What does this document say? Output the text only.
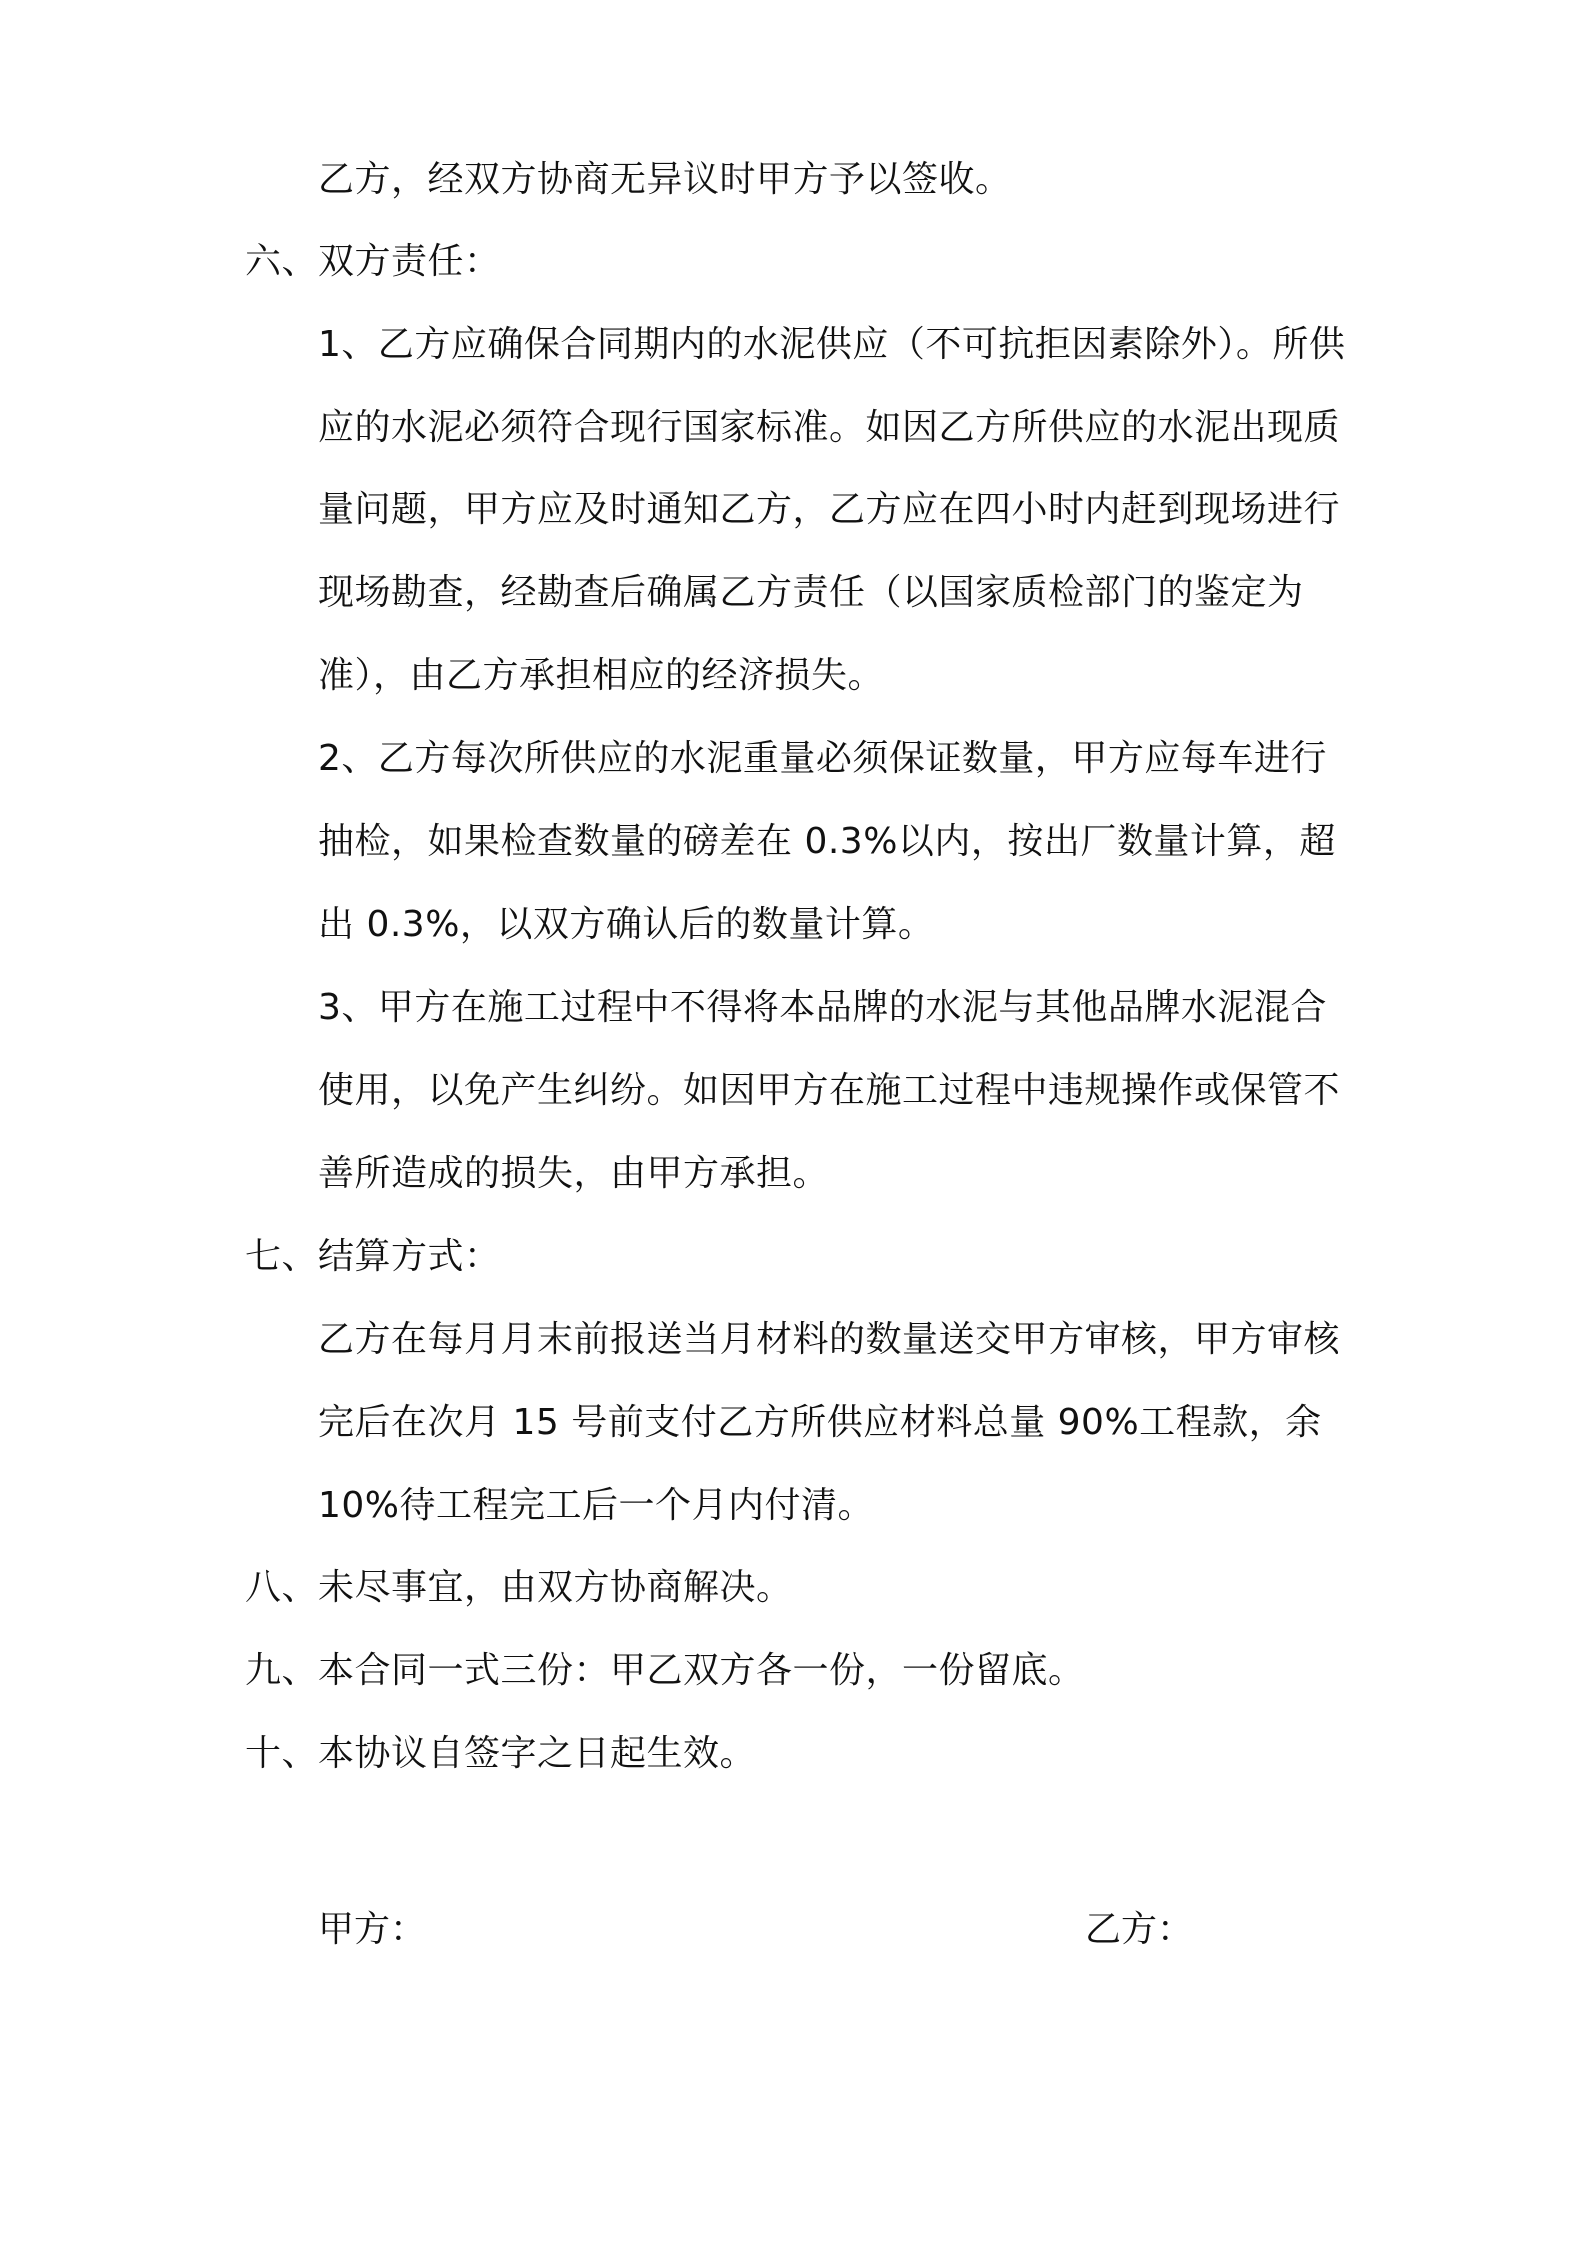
乙方，经双方协商无异议时甲方予以签收。
六、双方责任：
1、乙方应确保合同期内的水泥供应（不可抗拒因素除外）。所供
应的水泥必须符合现行国家标准。如因乙方所供应的水泥出现质
量问题，甲方应及时通知乙方，乙方应在四小时内赶到现场进行
现场勘查，经勘查后确属乙方责任（以国家质检部门的鉴定为
准），由乙方承担相应的经济损失。
2、乙方每次所供应的水泥重量必须保证数量，甲方应每车进行
抽检，如果检查数量的磅差在 0.3%以内，按出厂数量计算，超
出 0.3%，以双方确认后的数量计算。
3、甲方在施工过程中不得将本品牌的水泥与其他品牌水泥混合
使用，以免产生纠纷。如因甲方在施工过程中违规操作或保管不
善所造成的损失，由甲方承担。
七、结算方式：
乙方在每月月末前报送当月材料的数量送交甲方审核，甲方审核
完后在次月 15 号前支付乙方所供应材料总量 90%工程款，余
10%待工程完工后一个月内付清。
八、未尽事宜，由双方协商解决。
九、本合同一式三份：甲乙双方各一份，一份留底。
十、本协议自签字之日起生效。
甲方：	乙方：
